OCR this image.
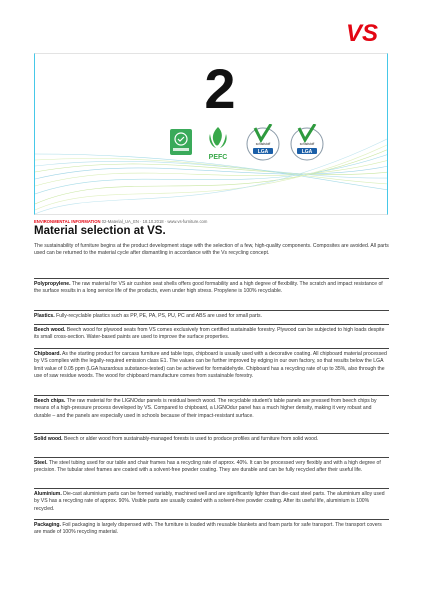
VS
2
PEFC
LGA
schadstoff
LGA
schadstoff
ENVIRONMENTAL INFORMATION 02-Material_UA_EN · 18.10.2018 · www.vs-furniture.com
Material selection at VS.

The sustainability of furniture begins at the product development stage with the selection of a few, high-quality components. Composites are avoided. All parts used can be returned to the material cycle after dismantling in accordance with the Vs recycling concept.

Polypropylene. The raw material for VS air cushion seat shells offers good formability and a high degree of flexibility. The scratch and impact resistance of the surface results in a long service life of the products, even under high stress. Propylene is 100% recyclable.

Plastics. Fully-recyclable plastics such as PP, PE, PA, PS, PU, PC and ABS are used for small parts.

Beech wood. Beech wood for plywood seats from VS comes exclusively from certified sustainable forestry. Plywood can be subjected to high loads despite its small cross-section. Water-based paints are used to improve the surface properties.

Chipboard. As the starting product for carcass furniture and table tops, chipboard is usually used with a decorative coating. All chipboard material processed by VS complies with the legally-required emission class E1. The values can be further improved by edging in our own factory, so that results below the LGA limit value of 0.05 ppm (LGA hazardous substance-tested) can be achieved for formaldehyde. Chipboard has a recycling rate of up to 35%, also through the use of saw residue woods. The wood for chipboard manufacture comes from sustainable forestry.

Beech chips. The raw material for the LIGNOdur panels is residual beech wood. The recyclable student's table panels are pressed from beech chips by means of a high-pressure process developed by VS. Compared to chipboard, a LIGNOdur panel has a much higher density, making it very robust and durable – and the panels are especially used in schools because of their impact-resistant surface.

Solid wood. Beech or alder wood from sustainably-managed forests is used to produce profiles and furniture from solid wood.

Steel. The steel tubing used for our table and chair frames has a recycling rate of approx. 40%. It can be processed very flexibly and with a high degree of precision. The tubular steel frames are coated with a solvent-free powder coating. They are durable and can be fully recycled after their useful life.

Aluminium. Die-cast aluminium parts can be formed variably, machined well and are significantly lighter than die-cast steel parts. The aluminium alloy used by VS has a recycling rate of approx. 90%. Visible parts are usually coated with a solvent-free powder coating. After its useful life, aluminium is 100% recycled.

Packaging. Foil packaging is largely dispensed with. The furniture is loaded with reusable blankets and foam parts for safe transport. The transport covers are made of 100% recycling material.
